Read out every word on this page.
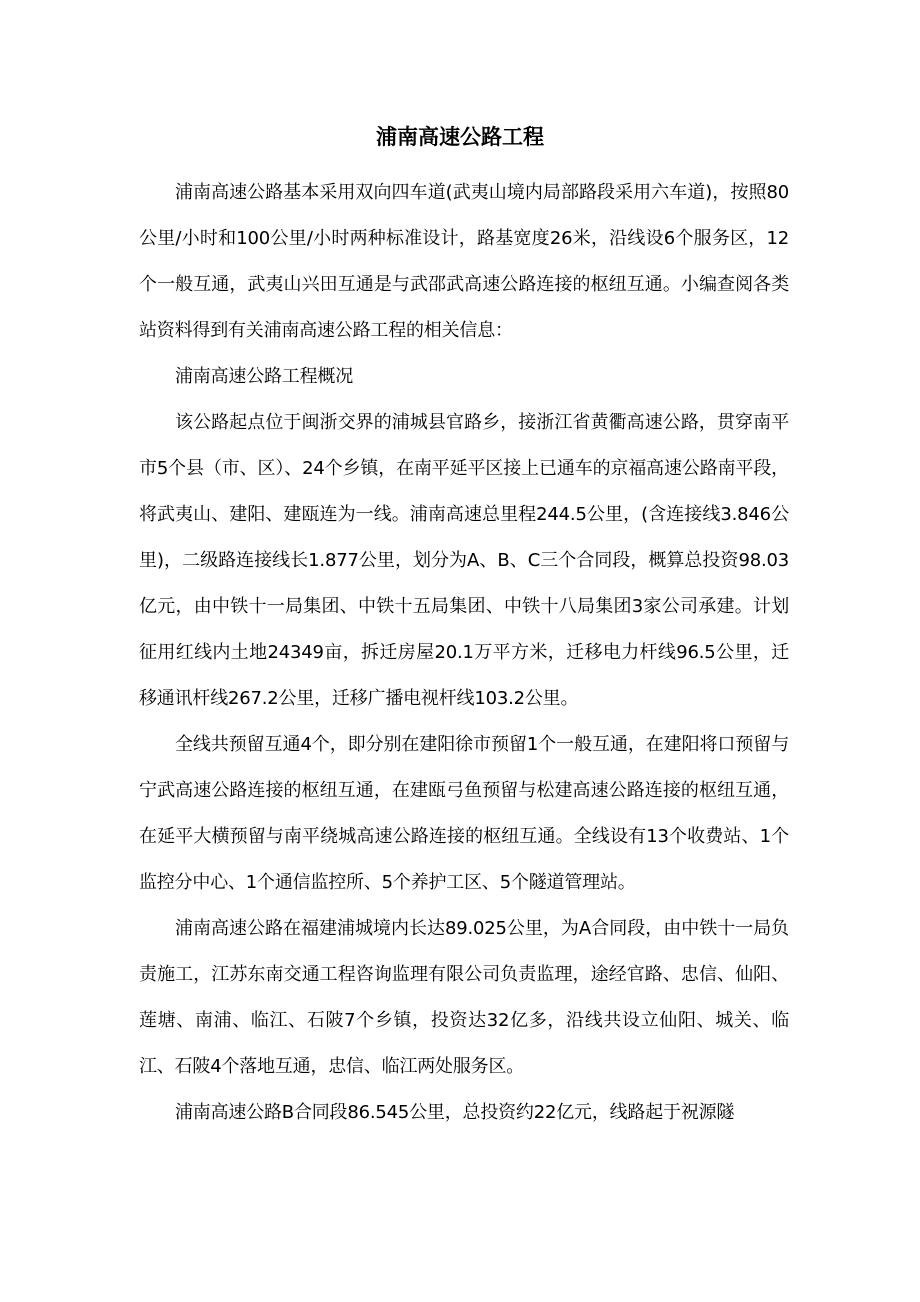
浦南高速公路工程

浦南高速公路基本采用双向四车道(武夷山境内局部路段采用六车道)，按照80公里/小时和100公里/小时两种标准设计，路基宽度26米，沿线设6个服务区，12个一般互通，武夷山兴田互通是与武邵武高速公路连接的枢纽互通。小编查阅各类站资料得到有关浦南高速公路工程的相关信息：

浦南高速公路工程概况

该公路起点位于闽浙交界的浦城县官路乡，接浙江省黄衢高速公路，贯穿南平市5个县（市、区）、24个乡镇，在南平延平区接上已通车的京福高速公路南平段，将武夷山、建阳、建瓯连为一线。浦南高速总里程244.5公里，(含连接线3.846公里)，二级路连接线长1.877公里，划分为A、B、C三个合同段，概算总投资98.03亿元，由中铁十一局集团、中铁十五局集团、中铁十八局集团3家公司承建。计划征用红线内土地24349亩，拆迁房屋20.1万平方米，迁移电力杆线96.5公里，迁移通讯杆线267.2公里，迁移广播电视杆线103.2公里。

全线共预留互通4个，即分别在建阳徐市预留1个一般互通，在建阳将口预留与宁武高速公路连接的枢纽互通，在建瓯弓鱼预留与松建高速公路连接的枢纽互通，在延平大横预留与南平绕城高速公路连接的枢纽互通。全线设有13个收费站、1个监控分中心、1个通信监控所、5个养护工区、5个隧道管理站。

浦南高速公路在福建浦城境内长达89.025公里，为A合同段，由中铁十一局负责施工，江苏东南交通工程咨询监理有限公司负责监理，途经官路、忠信、仙阳、莲塘、南浦、临江、石陂7个乡镇，投资达32亿多，沿线共设立仙阳、城关、临江、石陂4个落地互通，忠信、临江两处服务区。

浦南高速公路B合同段86.545公里，总投资约22亿元，线路起于祝源隧
